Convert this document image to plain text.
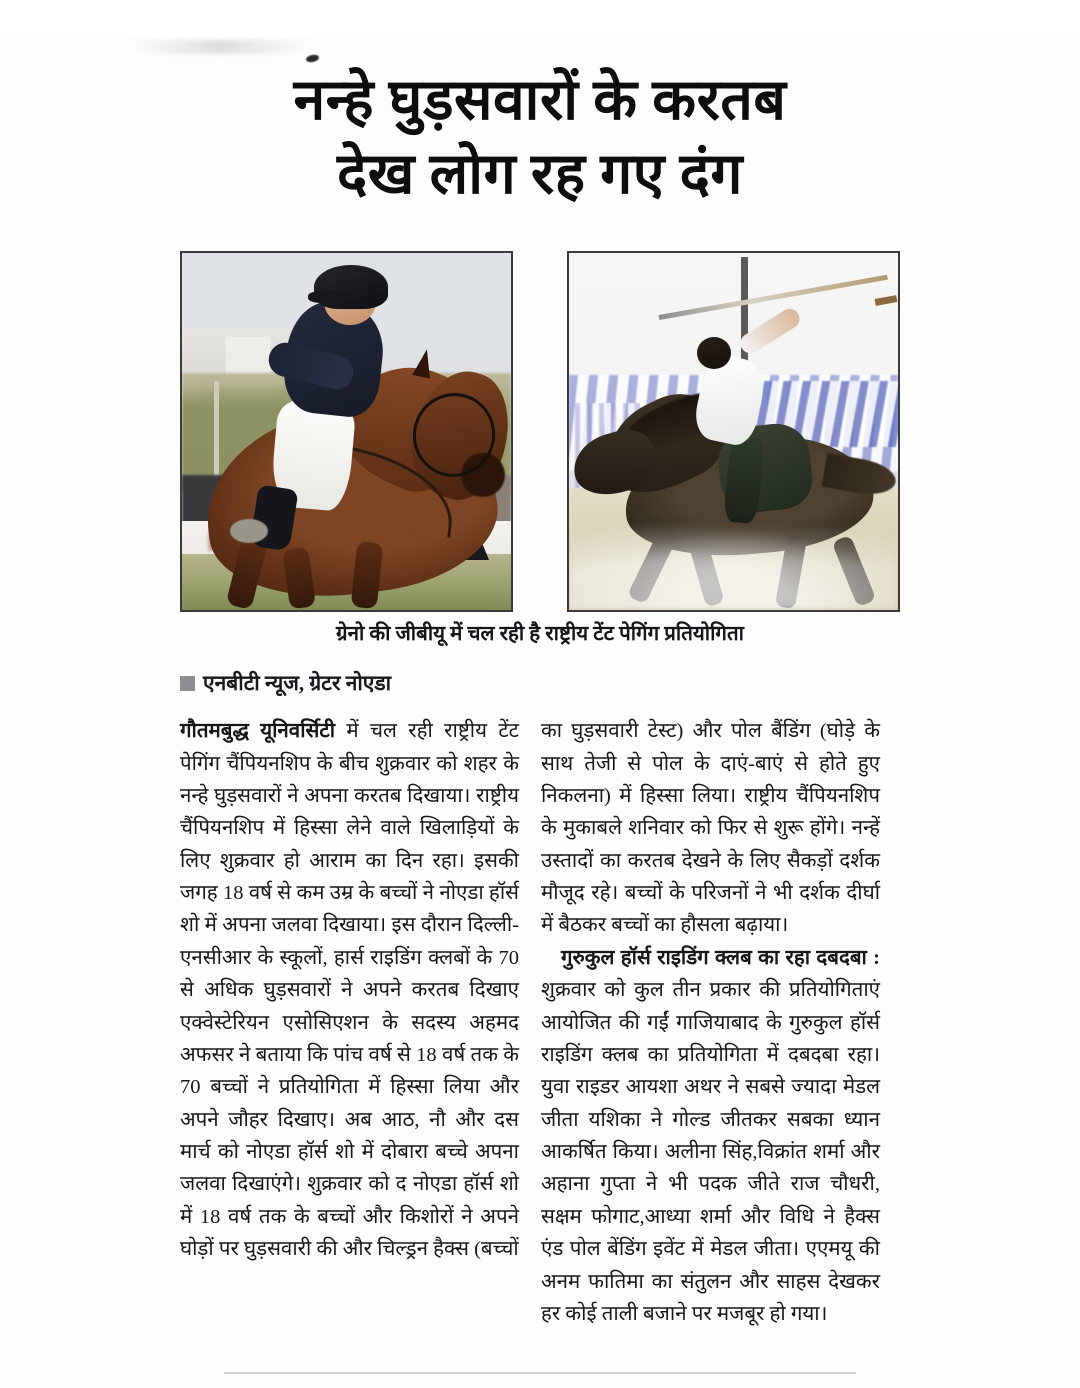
नन्हे घुड़सवारों के करतब
देख लोग रह गए दंग
ग्रेनो की जीबीयू में चल रही है राष्ट्रीय टेंट पेगिंग प्रतियोगिता
एनबीटी न्यूज, ग्रेटर नोएडा

गौतमबुद्ध यूनिवर्सिटी में चल रही राष्ट्रीय टेंट पेगिंग चैंपियनशिप के बीच शुक्रवार को शहर के नन्हे घुड़सवारों ने अपना करतब दिखाया। राष्ट्रीय चैंपियनशिप में हिस्सा लेने वाले खिलाड़ियों के लिए शुक्रवार हो आराम का दिन रहा। इसकी जगह 18 वर्ष से कम उम्र के बच्चों ने नोएडा हॉर्स शो में अपना जलवा दिखाया। इस दौरान दिल्ली-एनसीआर के स्कूलों, हार्स राइडिंग क्लबों के 70 से अधिक घुड़सवारों ने अपने करतब दिखाए एक्वेस्टेरियन एसोसिएशन के सदस्य अहमद अफसर ने बताया कि पांच वर्ष से 18 वर्ष तक के 70 बच्चों ने प्रतियोगिता में हिस्सा लिया और अपने जौहर दिखाए। अब आठ, नौ और दस मार्च को नोएडा हॉर्स शो में दोबारा बच्चे अपना जलवा दिखाएंगे। शुक्रवार को द नोएडा हॉर्स शो में 18 वर्ष तक के बच्चों और किशोरों ने अपने घोड़ों पर घुड़सवारी की और चिल्ड्रन हैक्स (बच्चों

का घुड़सवारी टेस्ट) और पोल बैंडिंग (घोड़े के साथ तेजी से पोल के दाएं-बाएं से होते हुए निकलना) में हिस्सा लिया। राष्ट्रीय चैंपियनशिप के मुकाबले शनिवार को फिर से शुरू होंगे। नन्हें उस्तादों का करतब देखने के लिए सैकड़ों दर्शक मौजूद रहे। बच्चों के परिजनों ने भी दर्शक दीर्घा में बैठकर बच्चों का हौसला बढ़ाया।

गुरुकुल हॉर्स राइडिंग क्लब का रहा दबदबा : शुक्रवार को कुल तीन प्रकार की प्रतियोगिताएं आयोजित की गईं गाजियाबाद के गुरुकुल हॉर्स राइडिंग क्लब का प्रतियोगिता में दबदबा रहा। युवा राइडर आयशा अथर ने सबसे ज्यादा मेडल जीता यशिका ने गोल्ड जीतकर सबका ध्यान आकर्षित किया। अलीना सिंह,विक्रांत शर्मा और अहाना गुप्ता ने भी पदक जीते राज चौधरी, सक्षम फोगाट,आध्या शर्मा और विधि ने हैक्स एंड पोल बेंडिंग इवेंट में मेडल जीता। एएमयू की अनम फातिमा का संतुलन और साहस देखकर हर कोई ताली बजाने पर मजबूर हो गया।
